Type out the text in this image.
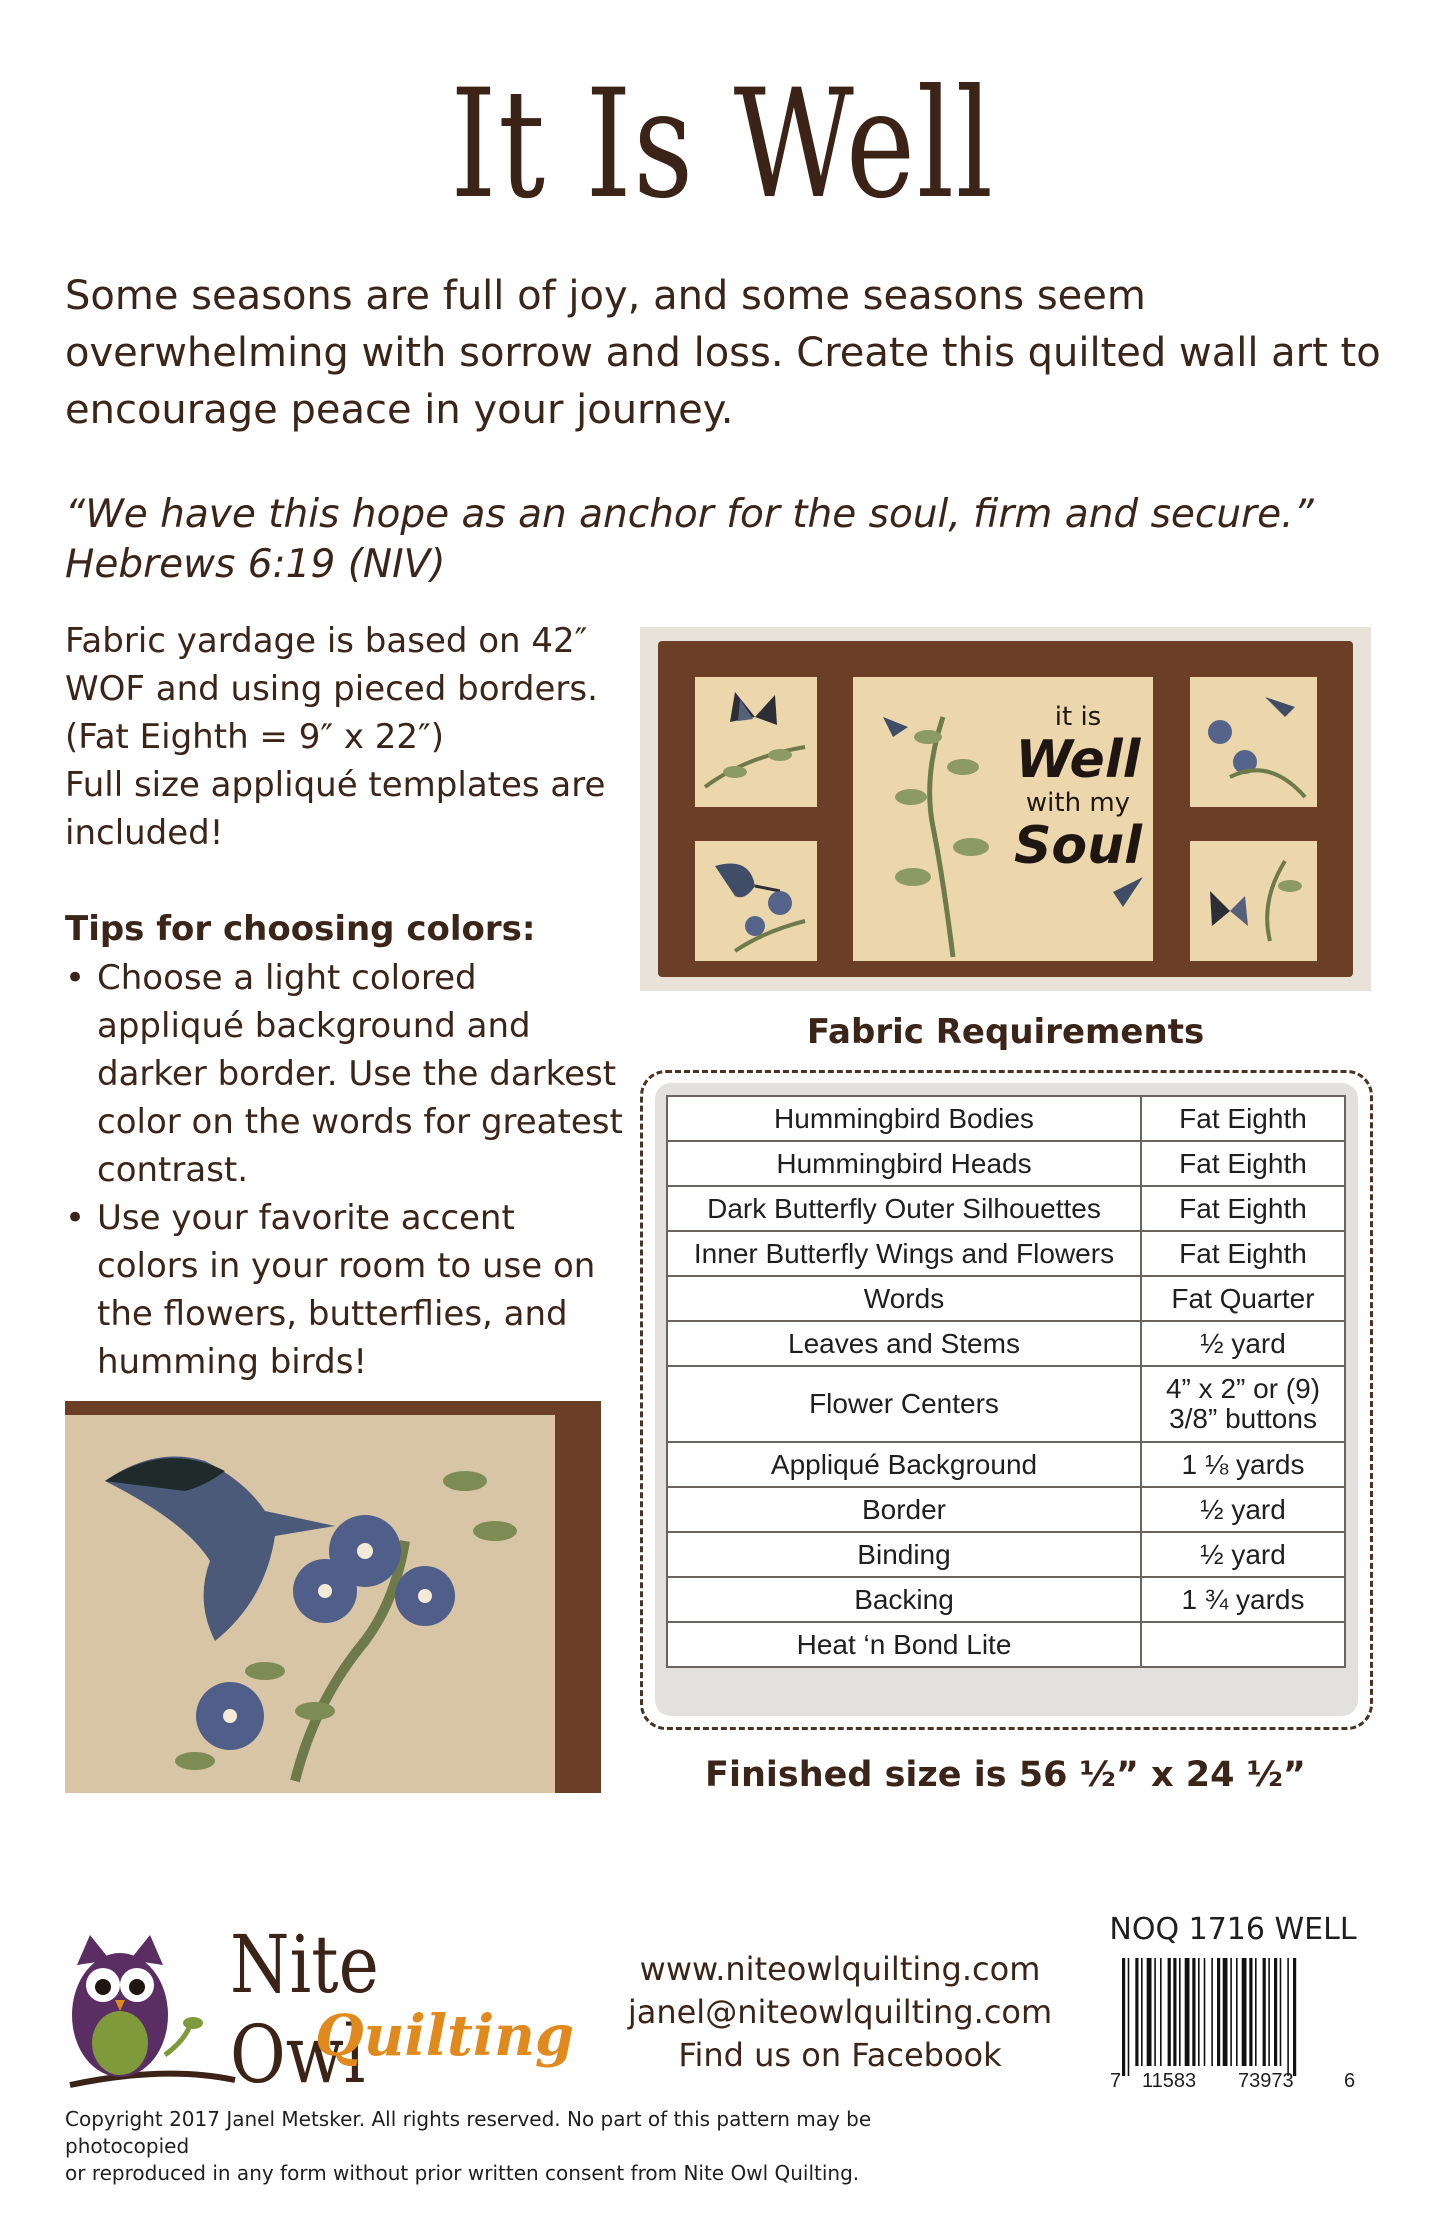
It Is Well
Some seasons are full of joy, and some seasons seem overwhelming with sorrow and loss. Create this quilted wall art to encourage peace in your journey.
“We have this hope as an anchor for the soul, firm and secure.”
Hebrews 6:19 (NIV)
Fabric yardage is based on 42″
WOF and using pieced borders.
(Fat Eighth = 9″ x 22″)
Full size appliqué templates are
included!
Tips for choosing colors:
• Choose a light colored appliqué background and darker border. Use the darkest color on the words for greatest contrast.
• Use your favorite accent colors in your room to use on the flowers, butterflies, and humming birds!
it is
Well
with my
Soul
Fabric Requirements
Hummingbird Bodies	Fat Eighth
Hummingbird Heads	Fat Eighth
Dark Butterfly Outer Silhouettes	Fat Eighth
Inner Butterfly Wings and Flowers	Fat Eighth
Words	Fat Quarter
Leaves and Stems	½ yard
Flower Centers	4” x 2” or (9) 3/8” buttons
Appliqué Background	1 ⅛ yards
Border	½ yard
Binding	½ yard
Backing	1 ¾ yards
Heat ‘n Bond Lite	
Finished size is 56 ½” x 24 ½”
Nite Owl
Quilting
www.niteowlquilting.com
janel@niteowlquilting.com
Find us on Facebook
NOQ 1716 WELL
7 11583 73973	6
Copyright 2017 Janel Metsker. All rights reserved. No part of this pattern may be photocopied
or reproduced in any form without prior written consent from Nite Owl Quilting.
